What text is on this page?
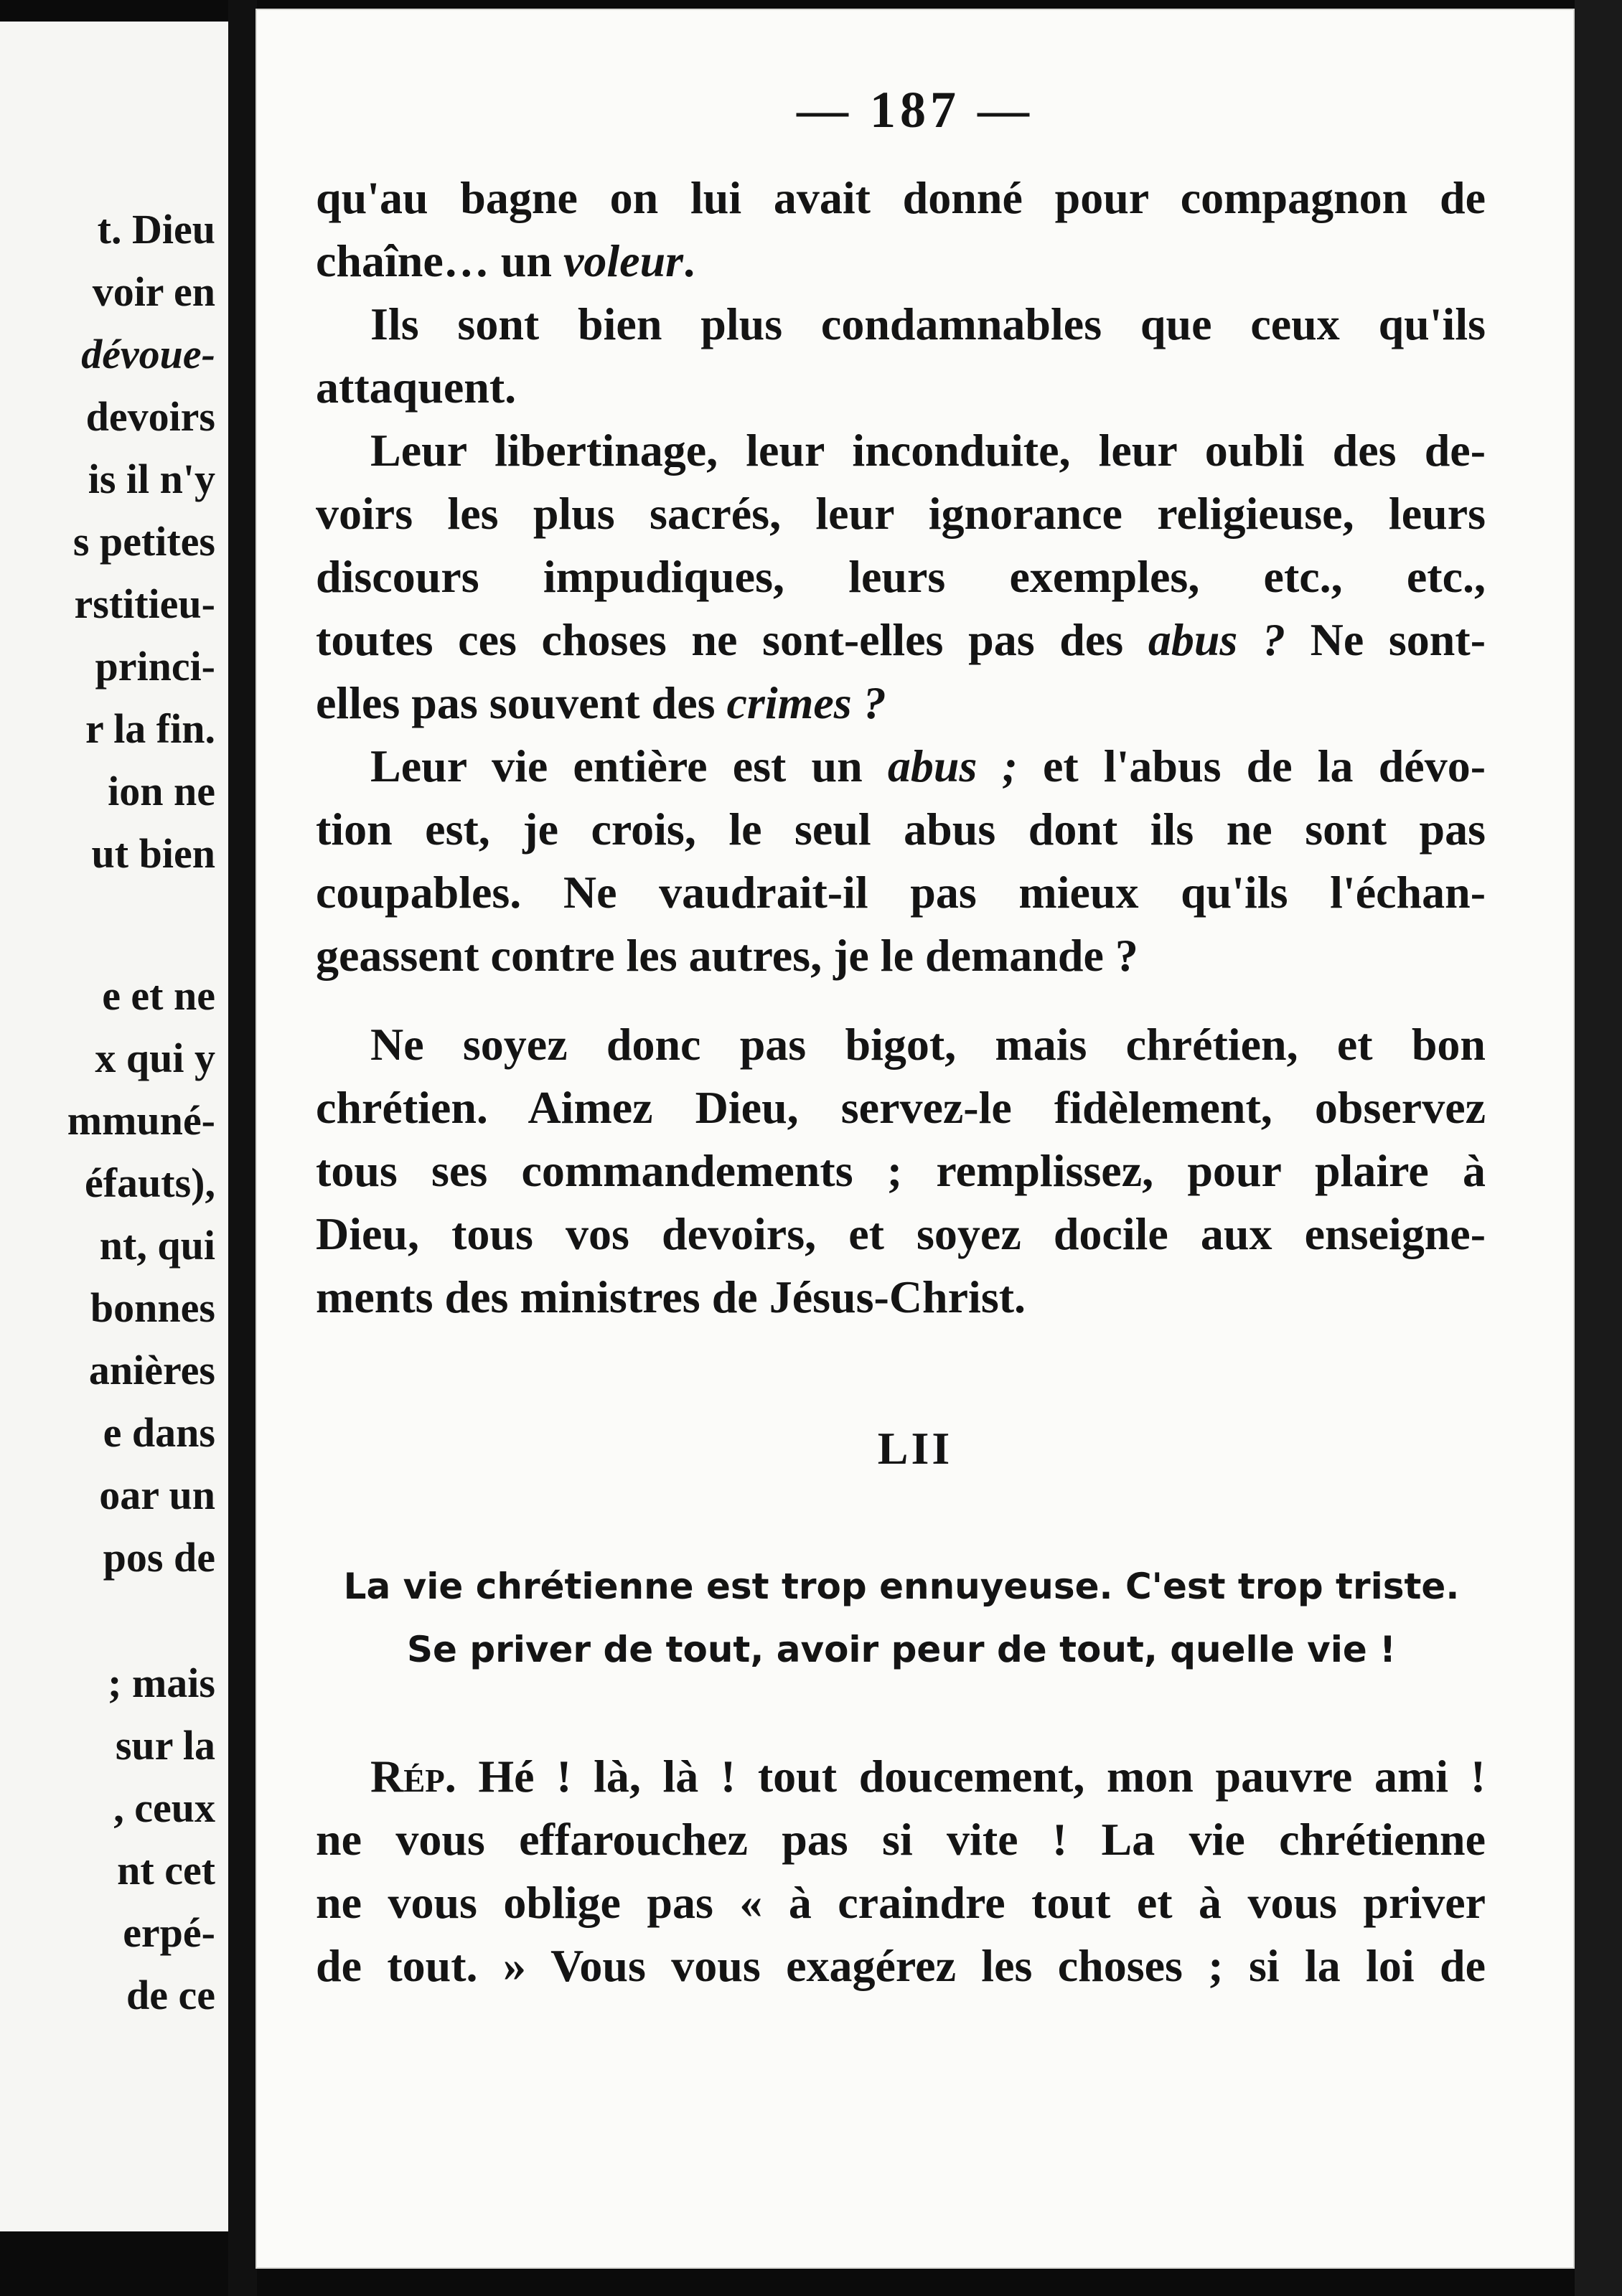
t. Dieu
voir en
dévoue-
devoirs
is il n'y
s petites
rstitieu-
princi-
r la fin.
ion ne
ut bien
e et ne
x qui y
mmuné-
éfauts),
nt, qui
bonnes
anières
e dans
oar un
pos de
; mais
sur la
, ceux
nt cet
erpé-
de ce
— 187 —
qu'au bagne on lui avait donné pour compagnon de
chaîne… un voleur.
Ils sont bien plus condamnables que ceux qu'ils
attaquent.
Leur libertinage, leur inconduite, leur oubli des de-
voirs les plus sacrés, leur ignorance religieuse, leurs
discours impudiques, leurs exemples, etc., etc.,
toutes ces choses ne sont-elles pas des abus ? Ne sont-
elles pas souvent des crimes ?
Leur vie entière est un abus ; et l'abus de la dévo-
tion est, je crois, le seul abus dont ils ne sont pas
coupables. Ne vaudrait-il pas mieux qu'ils l'échan-
geassent contre les autres, je le demande ?
Ne soyez donc pas bigot, mais chrétien, et bon
chrétien. Aimez Dieu, servez-le fidèlement, observez
tous ses commandements ; remplissez, pour plaire à
Dieu, tous vos devoirs, et soyez docile aux enseigne-
ments des ministres de Jésus-Christ.
LII
La vie chrétienne est trop ennuyeuse. C'est trop triste.
Se priver de tout, avoir peur de tout, quelle vie !
Rép. Hé ! là, là ! tout doucement, mon pauvre ami !
ne vous effarouchez pas si vite ! La vie chrétienne
ne vous oblige pas « à craindre tout et à vous priver
de tout. » Vous vous exagérez les choses ; si la loi de
